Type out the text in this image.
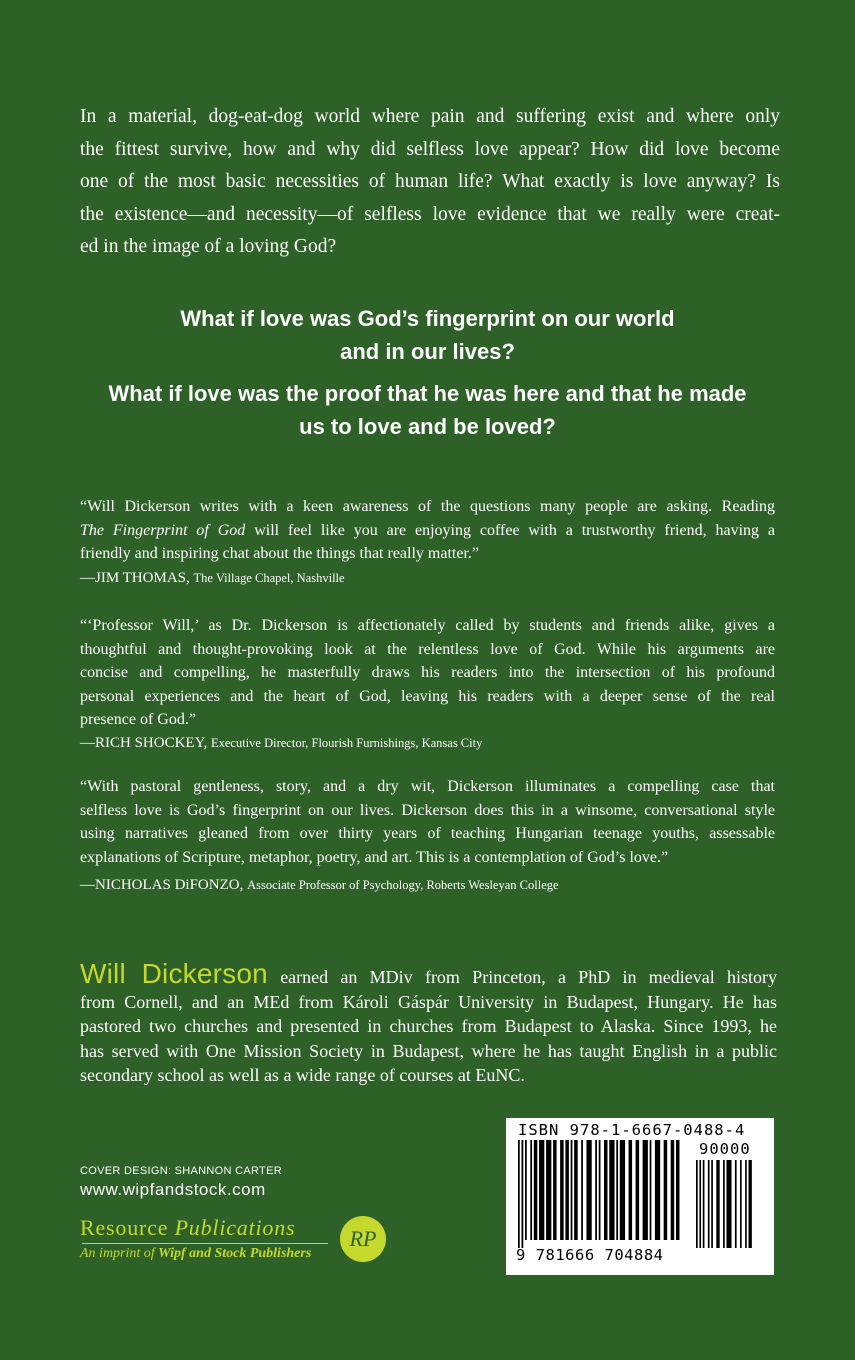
In a material, dog-eat-dog world where pain and suffering exist and where only
the fittest survive, how and why did selfless love appear? How did love become
one of the most basic necessities of human life? What exactly is love anyway? Is
the existence—and necessity—of selfless love evidence that we really were creat-
ed in the image of a loving God?
What if love was God’s fingerprint on our world
and in our lives?
What if love was the proof that he was here and that he made
us to love and be loved?
“Will Dickerson writes with a keen awareness of the questions many people are asking. Reading
The Fingerprint of God will feel like you are enjoying coffee with a trustworthy friend, having a
friendly and inspiring chat about the things that really matter.”
—JIM THOMAS, The Village Chapel, Nashville
“‘Professor Will,’ as Dr. Dickerson is affectionately called by students and friends alike, gives a
thoughtful and thought-provoking look at the relentless love of God. While his arguments are
concise and compelling, he masterfully draws his readers into the intersection of his profound
personal experiences and the heart of God, leaving his readers with a deeper sense of the real
presence of God.”
—RICH SHOCKEY, Executive Director, Flourish Furnishings, Kansas City
“With pastoral gentleness, story, and a dry wit, Dickerson illuminates a compelling case that
selfless love is God’s fingerprint on our lives. Dickerson does this in a winsome, conversational style
using narratives gleaned from over thirty years of teaching Hungarian teenage youths, assessable
explanations of Scripture, metaphor, poetry, and art. This is a contemplation of God’s love.”
—NICHOLAS DiFONZO, Associate Professor of Psychology, Roberts Wesleyan College
Will Dickerson earned an MDiv from Princeton, a PhD in medieval history
from Cornell, and an MEd from Károli Gáspár University in Budapest, Hungary. He has
pastored two churches and presented in churches from Budapest to Alaska. Since 1993, he
has served with One Mission Society in Budapest, where he has taught English in a public
secondary school as well as a wide range of courses at EuNC.
COVER DESIGN: SHANNON CARTER
www.wipfandstock.com
Resource Publications
An imprint of Wipf and Stock Publishers
RP
ISBN 978-1-6667-0488-4
90000
9 781666 704884
